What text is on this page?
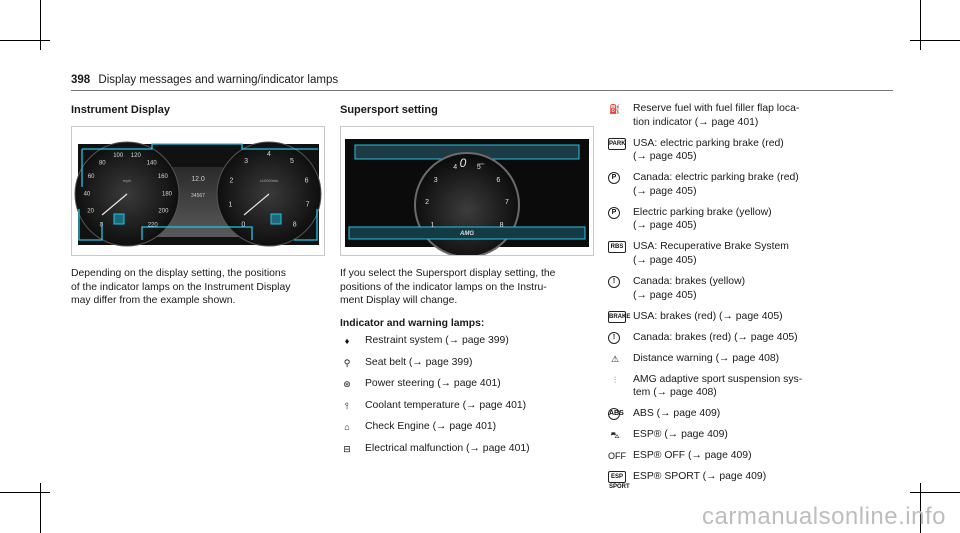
398 Display messages and warning/indicator lamps
Instrument Display
0
20
40
60
80
100 120
140
160
180
200
220	0
1
2
3
4
5
6
7
8
mph	x1000/min
12.0
34567
Depending on the display setting, the positions
of the indicator lamps on the Instrument Display
may differ from the example shown.
Supersport setting
1
2
3
4	5
6
7
8
0	rpm
AMG
If you select the Supersport display setting, the
positions of the indicator lamps on the Instru-
ment Display will change.
Indicator and warning lamps:
♦	Restraint system (→ page 399)
⚲	Seat belt (→ page 399)
⊛	Power steering (→ page 401)
⫯	Coolant temperature (→ page 401)
⌂	Check Engine (→ page 401)
⊟	Electrical malfunction (→ page 401)
⛽ Reserve fuel with fuel filler flap loca-
tion indicator (→ page 401)
PARK USA: electric parking brake (red)
(→ page 405)
P	Canada: electric parking brake (red)
(→ page 405)
P	Electric parking brake (yellow)
(→ page 405)
RBS USA: Recuperative Brake System
(→ page 405)
!	Canada: brakes (yellow)
(→ page 405)
BRAKE USA: brakes (red) (→ page 405)
!	Canada: brakes (red) (→ page 405)
⚠ Distance warning (→ page 408)
⫶	AMG adaptive sport suspension sys-
tem (→ page 408)
ABS ABS (→ page 409)
⛍ ESP® (→ page 409)
OFF ESP® OFF (→ page 409)
ESP SPORT
ESP® SPORT (→ page 409)
carmanualsonline.info
